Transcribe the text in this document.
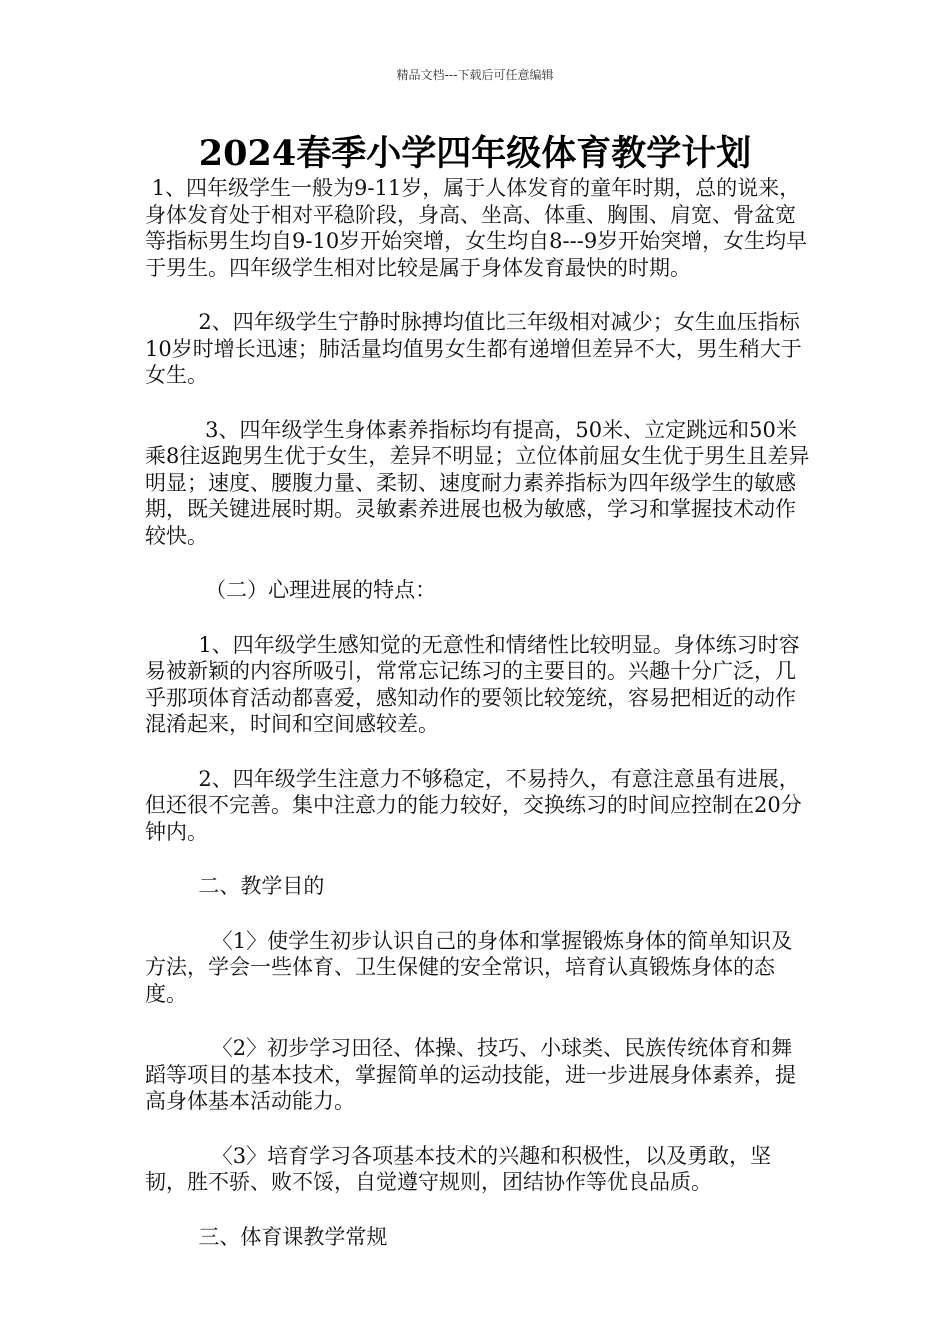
精品文档---下载后可任意编辑
2024春季小学四年级体育教学计划

1、四年级学生一般为9-11岁，属于人体发育的童年时期，总的说来，身体发育处于相对平稳阶段，身高、坐高、体重、胸围、肩宽、骨盆宽等指标男生均自9-10岁开始突增，女生均自8---9岁开始突增，女生均早于男生。四年级学生相对比较是属于身体发育最快的时期。

2、四年级学生宁静时脉搏均值比三年级相对减少；女生血压指标10岁时增长迅速；肺活量均值男女生都有递增但差异不大，男生稍大于女生。

3、四年级学生身体素养指标均有提高，50米、立定跳远和50米乘8往返跑男生优于女生，差异不明显；立位体前屈女生优于男生且差异明显；速度、腰腹力量、柔韧、速度耐力素养指标为四年级学生的敏感期，既关键进展时期。灵敏素养进展也极为敏感，学习和掌握技术动作较快。

（二）心理进展的特点：

1、四年级学生感知觉的无意性和情绪性比较明显。身体练习时容易被新颖的内容所吸引，常常忘记练习的主要目的。兴趣十分广泛，几乎那项体育活动都喜爱，感知动作的要领比较笼统，容易把相近的动作混淆起来，时间和空间感较差。

2、四年级学生注意力不够稳定，不易持久，有意注意虽有进展，但还很不完善。集中注意力的能力较好，交换练习的时间应控制在20分钟内。

二、教学目的

〈1〉使学生初步认识自己的身体和掌握锻炼身体的简单知识及方法，学会一些体育、卫生保健的安全常识，培育认真锻炼身体的态度。

〈2〉初步学习田径、体操、技巧、小球类、民族传统体育和舞蹈等项目的基本技术，掌握简单的运动技能，进一步进展身体素养，提高身体基本活动能力。

〈3〉培育学习各项基本技术的兴趣和积极性，以及勇敢，坚韧，胜不骄、败不馁，自觉遵守规则，团结协作等优良品质。

三、体育课教学常规
